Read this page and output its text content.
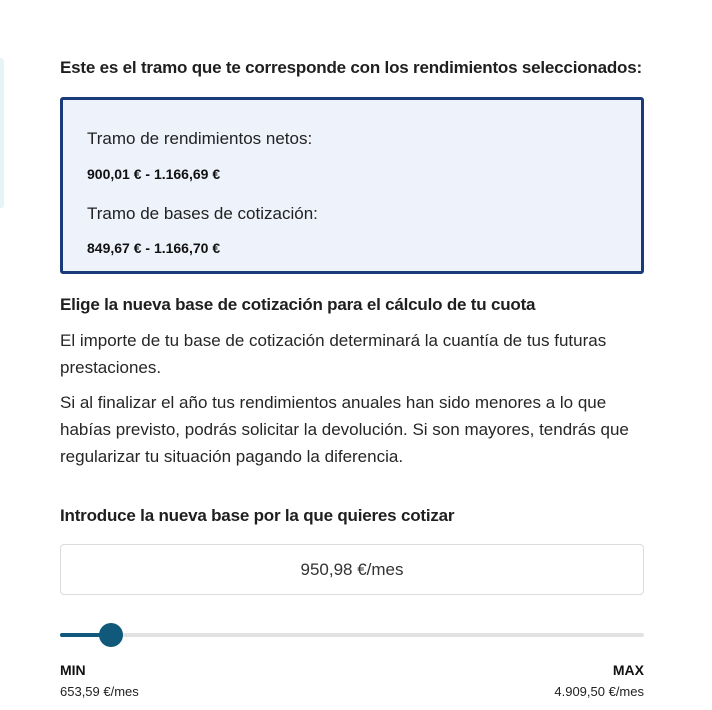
Este es el tramo que te corresponde con los rendimientos seleccionados:
Tramo de rendimientos netos:
900,01 € - 1.166,69 €
Tramo de bases de cotización:
849,67 € - 1.166,70 €
Elige la nueva base de cotización para el cálculo de tu cuota
El importe de tu base de cotización determinará la cuantía de tus futuras prestaciones.
Si al finalizar el año tus rendimientos anuales han sido menores a lo que habías previsto, podrás solicitar la devolución. Si son mayores, tendrás que regularizar tu situación pagando la diferencia.
Introduce la nueva base por la que quieres cotizar
950,98 €/mes
MIN
653,59 €/mes
MAX
4.909,50 €/mes
